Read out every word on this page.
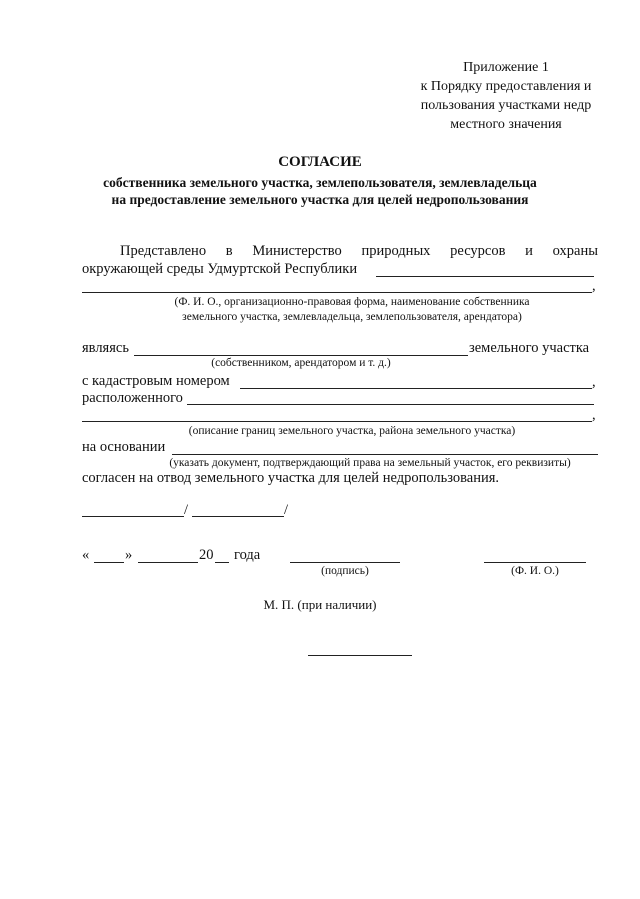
Приложение 1
к Порядку предоставления и
пользования участками недр
местного значения
СОГЛАСИЕ
собственника земельного участка, землепользователя, землевладельца
на предоставление земельного участка для целей недропользования
Представлено в Министерство природных ресурсов и охраны
окружающей среды Удмуртской Республики
,
(Ф. И. О., организационно-правовая форма, наименование собственника
земельного участка, землевладельца, землепользователя, арендатора)
являясь	земельного участка
(собственником, арендатором и т. д.)
с кадастровым номером	,
расположенного
,
(описание границ земельного участка, района земельного участка)
на основании
(указать документ, подтверждающий права на земельный участок, его реквизиты)
согласен на отвод земельного участка для целей недропользования.
/	/
« »	20 года
(подпись)	(Ф. И. О.)
М. П. (при наличии)
